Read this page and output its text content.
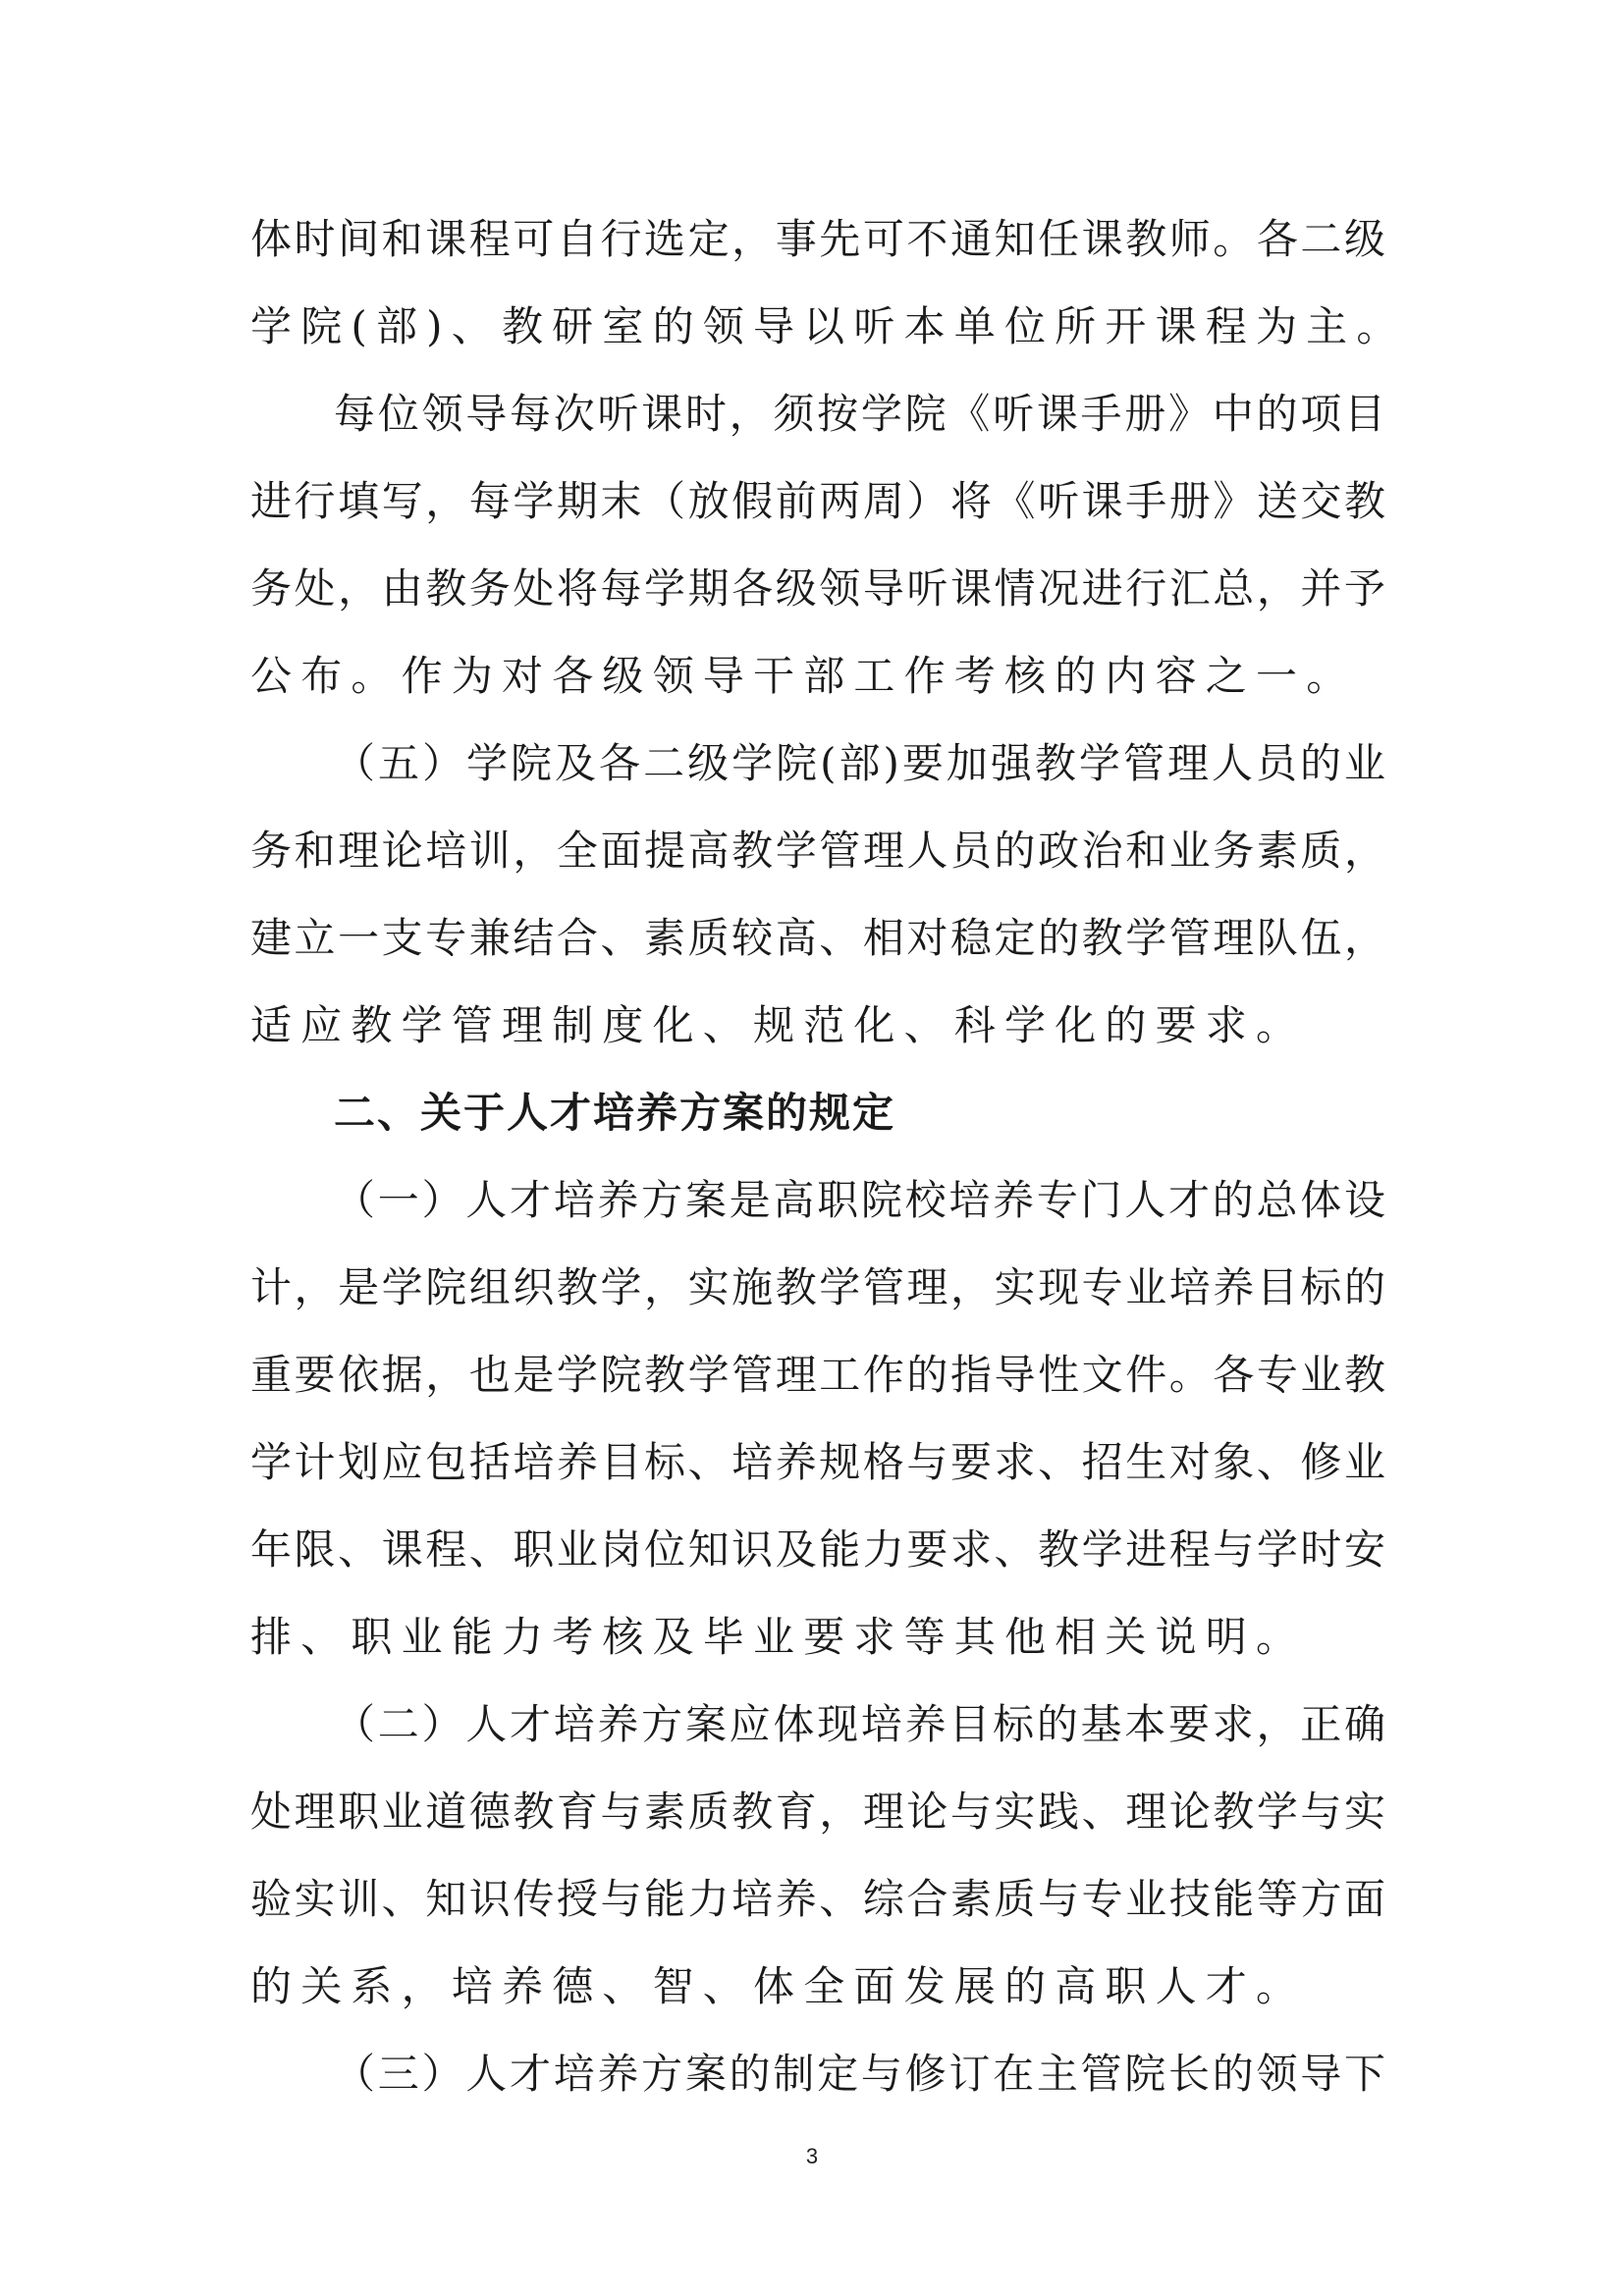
体时间和课程可自行选定，事先可不通知任课教师。各二级
学院(部)、教研室的领导以听本单位所开课程为主。
每位领导每次听课时，须按学院《听课手册》中的项目
进行填写，每学期末（放假前两周）将《听课手册》送交教
务处，由教务处将每学期各级领导听课情况进行汇总，并予
公布。作为对各级领导干部工作考核的内容之一。
（五）学院及各二级学院(部)要加强教学管理人员的业
务和理论培训，全面提高教学管理人员的政治和业务素质，
建立一支专兼结合、素质较高、相对稳定的教学管理队伍，
适应教学管理制度化、规范化、科学化的要求。
二、关于人才培养方案的规定
（一）人才培养方案是高职院校培养专门人才的总体设
计，是学院组织教学，实施教学管理，实现专业培养目标的
重要依据，也是学院教学管理工作的指导性文件。各专业教
学计划应包括培养目标、培养规格与要求、招生对象、修业
年限、课程、职业岗位知识及能力要求、教学进程与学时安
排、职业能力考核及毕业要求等其他相关说明。
（二）人才培养方案应体现培养目标的基本要求，正确
处理职业道德教育与素质教育，理论与实践、理论教学与实
验实训、知识传授与能力培养、综合素质与专业技能等方面
的关系，培养德、智、体全面发展的高职人才。
（三）人才培养方案的制定与修订在主管院长的领导下
3
